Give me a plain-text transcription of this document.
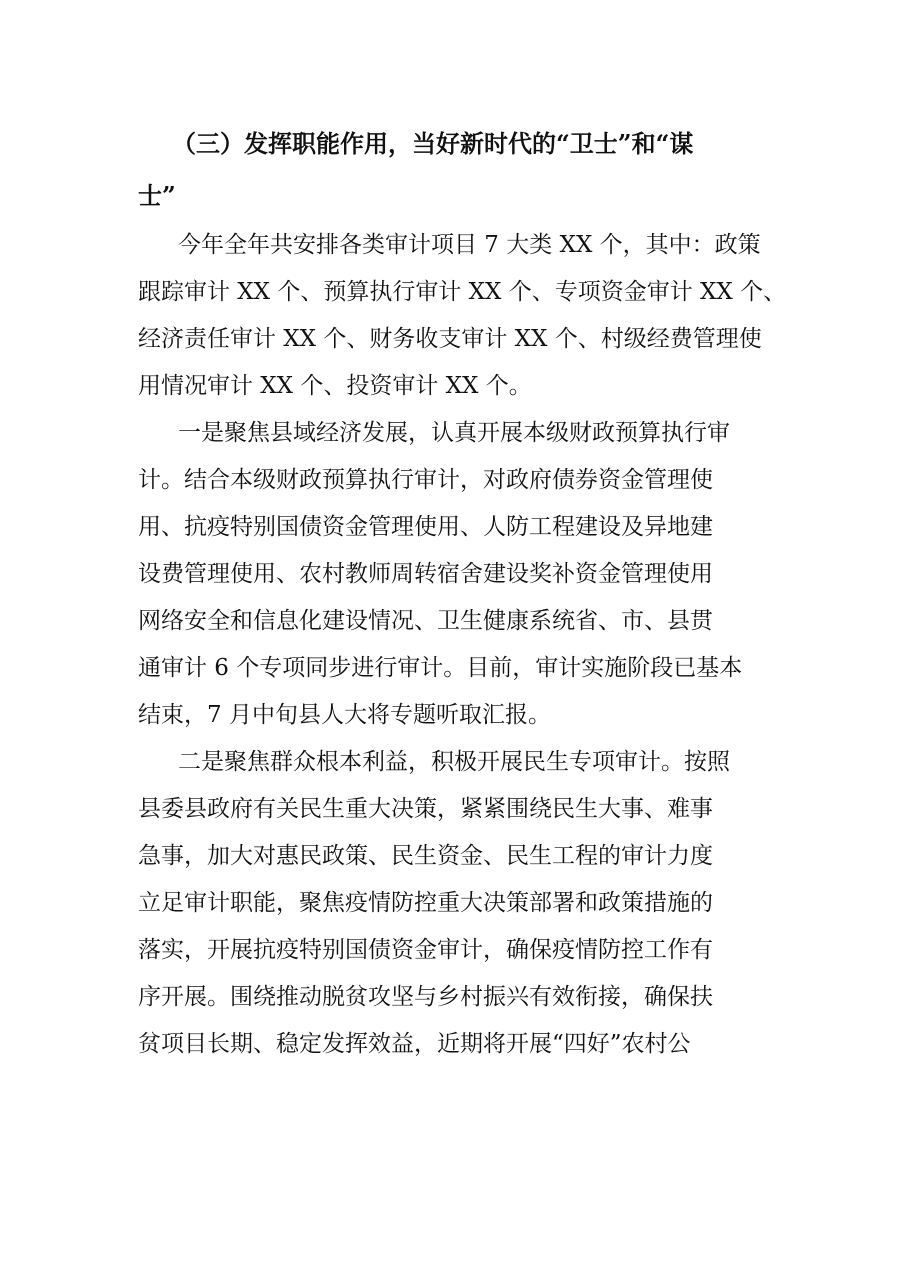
（三）发挥职能作用，当好新时代的“卫士”和“谋
士”
今年全年共安排各类审计项目 7 大类 XX 个，其中：政策
跟踪审计 XX 个、预算执行审计 XX 个、专项资金审计 XX 个、
经济责任审计 XX 个、财务收支审计 XX 个、村级经费管理使
用情况审计 XX 个、投资审计 XX 个。
一是聚焦县域经济发展，认真开展本级财政预算执行审
计。结合本级财政预算执行审计，对政府债券资金管理使
用、抗疫特别国债资金管理使用、人防工程建设及异地建
设费管理使用、农村教师周转宿舍建设奖补资金管理使用
网络安全和信息化建设情况、卫生健康系统省、市、县贯
通审计 6 个专项同步进行审计。目前，审计实施阶段已基本
结束，7 月中旬县人大将专题听取汇报。
二是聚焦群众根本利益，积极开展民生专项审计。按照
县委县政府有关民生重大决策，紧紧围绕民生大事、难事
急事，加大对惠民政策、民生资金、民生工程的审计力度
立足审计职能，聚焦疫情防控重大决策部署和政策措施的
落实，开展抗疫特别国债资金审计，确保疫情防控工作有
序开展。围绕推动脱贫攻坚与乡村振兴有效衔接，确保扶
贫项目长期、稳定发挥效益，近期将开展“四好”农村公
